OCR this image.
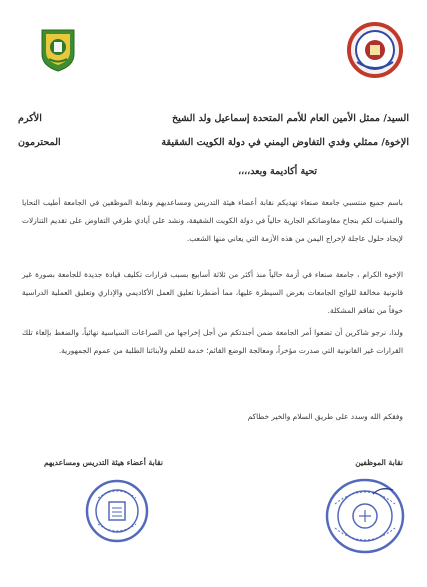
السيد/ ممثل الأمين العام للأمم المتحدة إسماعيل ولد الشيخ
الأكرم
الإخوة/ ممثلي وفدي التفاوض اليمني في دولة الكويت الشقيقة
المحترمون
تحية أكاديمة وبعد،،،،
باسم جميع منتسبي جامعة صنعاء تهديكم نقابة أعضاء هيئة التدريس ومساعديهم ونقابة الموظفين في الجامعة أطيب التحايا والتمنيات لكم بنجاح مفاوضاتكم الجارية حالياً في دولة الكويت الشقيقة، ونشد على أيادي طرفي التفاوض على تقديم التنازلات لإيجاد حلول عاجلة لإخراج اليمن من هذه الأزمة التي يعاني منها الشعب.
الإخوة الكرام ، جامعة صنعاء في أزمة حالياً منذ أكثر من ثلاثة أسابيع بسبب قرارات تكليف قيادة جديدة للجامعة بصورة غير قانونية مخالفة للوائح الجامعات بغرض السيطرة عليها، مما أضطرنا تعليق العمل الأكاديمي والإداري وتعليق العملية الدراسية خوفاً من تفاقم المشكلة.
ولذا، نرجو شاكرين أن تضعوا أمر الجامعة ضمن أجندتكم من أجل إخراجها من الصراعات السياسية نهائياً، والضغط بإلغاء تلك القرارات غير القانونية التي صدرت مؤخراً، ومعالجة الوضع القائم؛ خدمة للعلم ولأبنائنا الطلبة من عموم الجمهورية.
وفقكم الله وسدد على طريق السلام والخير خطاكم
نقابة الموظفين
نقابة أعضاء هيئة التدريس ومساعديهم
